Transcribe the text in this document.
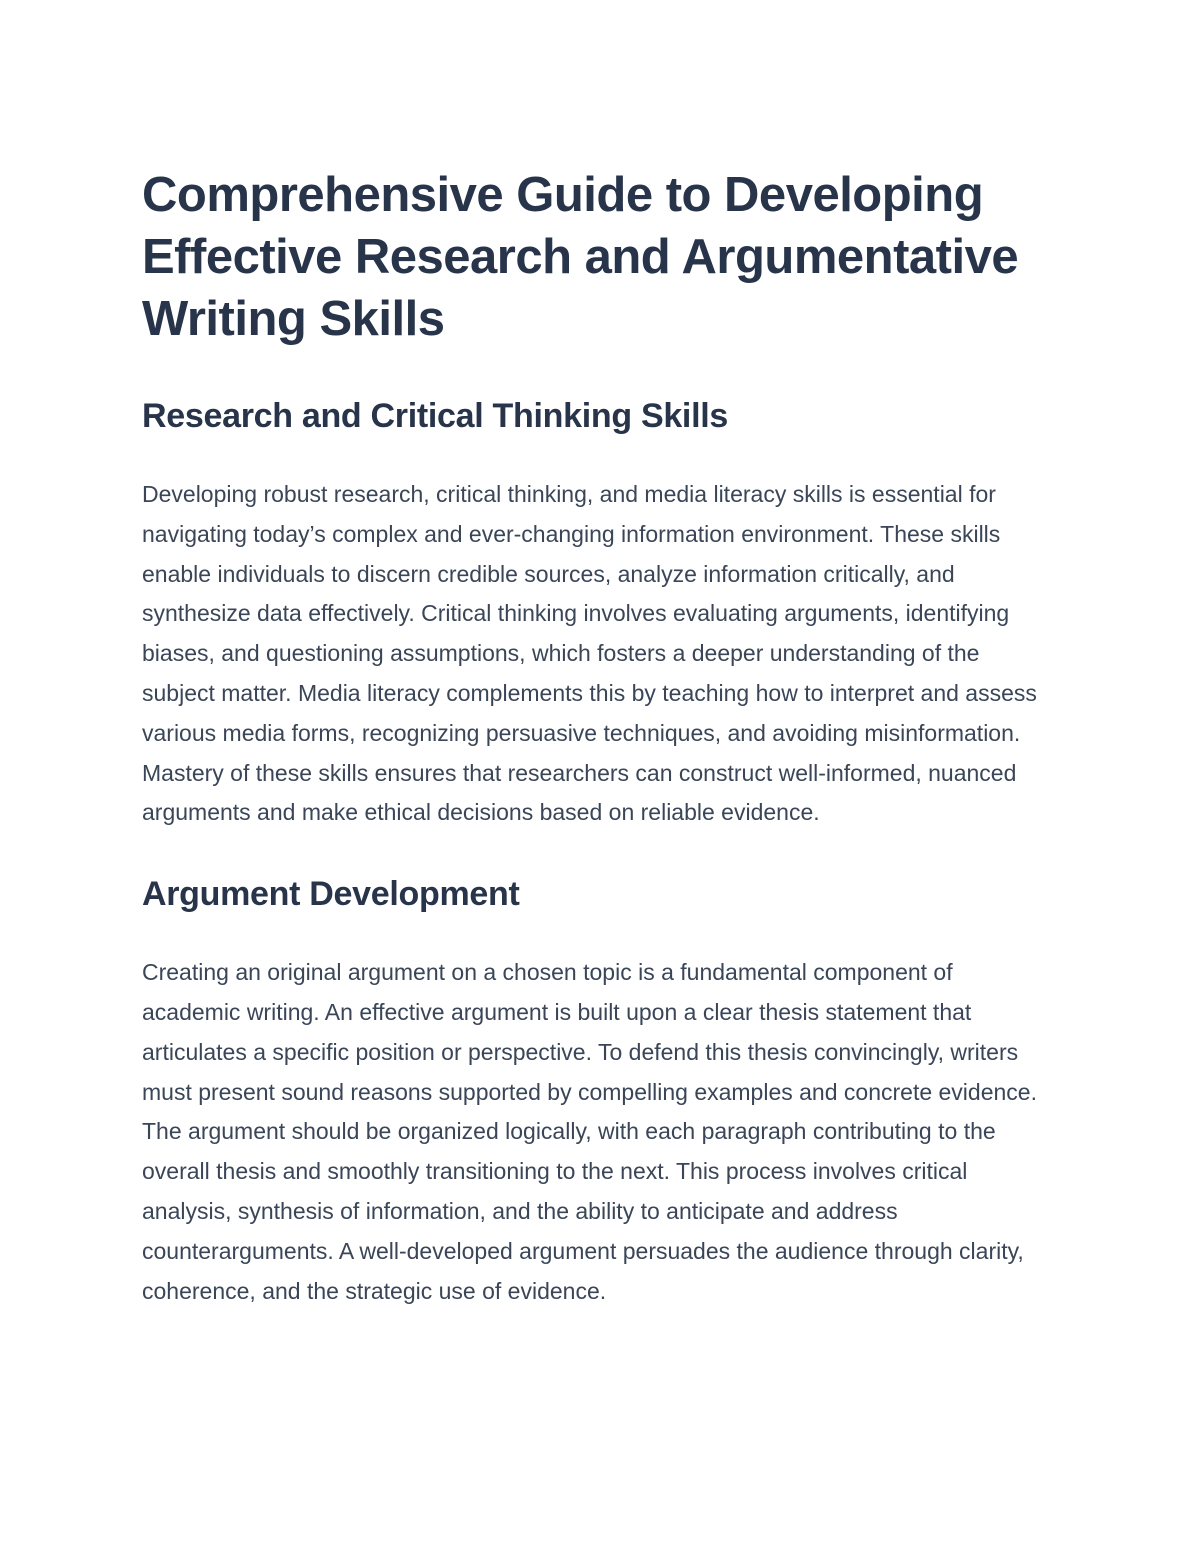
Comprehensive Guide to Developing Effective Research and Argumentative Writing Skills
Research and Critical Thinking Skills

Developing robust research, critical thinking, and media literacy skills is essential for navigating today’s complex and ever-changing information environment. These skills enable individuals to discern credible sources, analyze information critically, and synthesize data effectively. Critical thinking involves evaluating arguments, identifying biases, and questioning assumptions, which fosters a deeper understanding of the subject matter. Media literacy complements this by teaching how to interpret and assess various media forms, recognizing persuasive techniques, and avoiding misinformation. Mastery of these skills ensures that researchers can construct well-informed, nuanced arguments and make ethical decisions based on reliable evidence.

Argument Development

Creating an original argument on a chosen topic is a fundamental component of academic writing. An effective argument is built upon a clear thesis statement that articulates a specific position or perspective. To defend this thesis convincingly, writers must present sound reasons supported by compelling examples and concrete evidence. The argument should be organized logically, with each paragraph contributing to the overall thesis and smoothly transitioning to the next. This process involves critical analysis, synthesis of information, and the ability to anticipate and address counterarguments. A well-developed argument persuades the audience through clarity, coherence, and the strategic use of evidence.
